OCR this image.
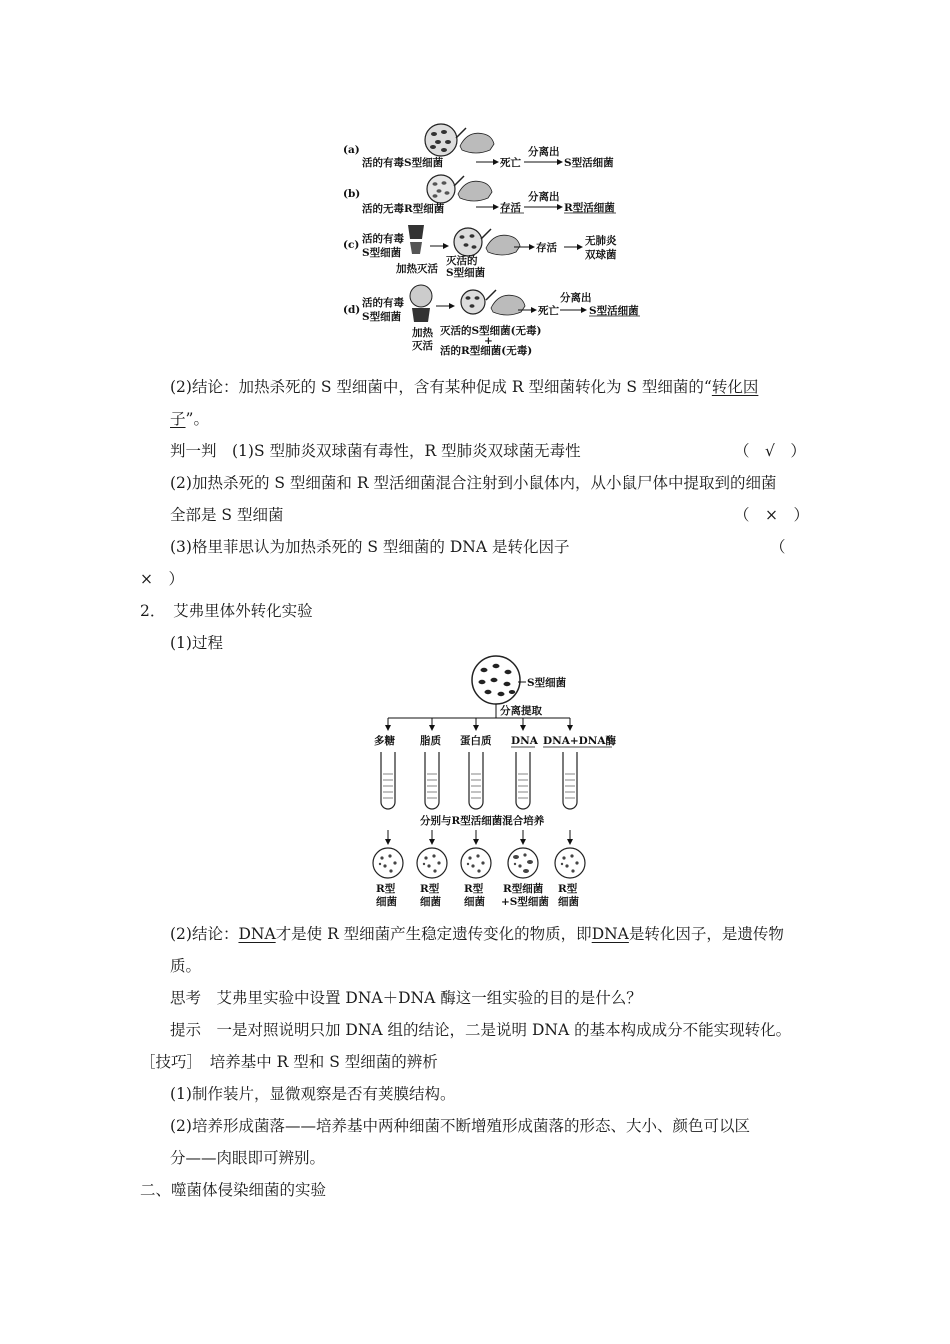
(a)
活的有毒S型细菌	死亡
分离出
S型活细菌
(b)
活的无毒R型细菌	存活
分离出
R型活细菌
(c) 活的有毒
S型细菌
加热灭活
灭活的
S型细菌
存活
无肺炎
双球菌
(d)
活的有毒
S型细菌
加热
灭活
灭活的S型细菌(无毒)
+
活的R型细菌(无毒)
死亡
分离出
S型活细菌
(2)结论：加热杀死的 S 型细菌中，含有某种促成 R 型细菌转化为 S 型细菌的“转化因
子”。
判一判　(1)S 型肺炎双球菌有毒性，R 型肺炎双球菌无毒性	（　√　）
(2)加热杀死的 S 型细菌和 R 型活细菌混合注射到小鼠体内，从小鼠尸体中提取到的细菌
全部是 S 型细菌	（　×　）
(3)格里菲思认为加热杀死的 S 型细菌的 DNA 是转化因子	（
×　）
2．　艾弗里体外转化实验
(1)过程
S型细菌
分离提取
多糖 脂质 蛋白质 DNA DNA+DNA酶
分别与R型活细菌混合培养
R型
细菌
R型
细菌
R型
细菌
R型细菌
+S型细菌
R型
细菌
(2)结论：DNA才是使 R 型细菌产生稳定遗传变化的物质，即DNA是转化因子，是遗传物
质。
思考　艾弗里实验中设置 DNA＋DNA 酶这一组实验的目的是什么？
提示　一是对照说明只加 DNA 组的结论，二是说明 DNA 的基本构成成分不能实现转化。
［技巧］　培养基中 R 型和 S 型细菌的辨析
(1)制作装片，显微观察是否有荚膜结构。
(2)培养形成菌落——培养基中两种细菌不断增殖形成菌落的形态、大小、颜色可以区
分——肉眼即可辨别。
二、噬菌体侵染细菌的实验
